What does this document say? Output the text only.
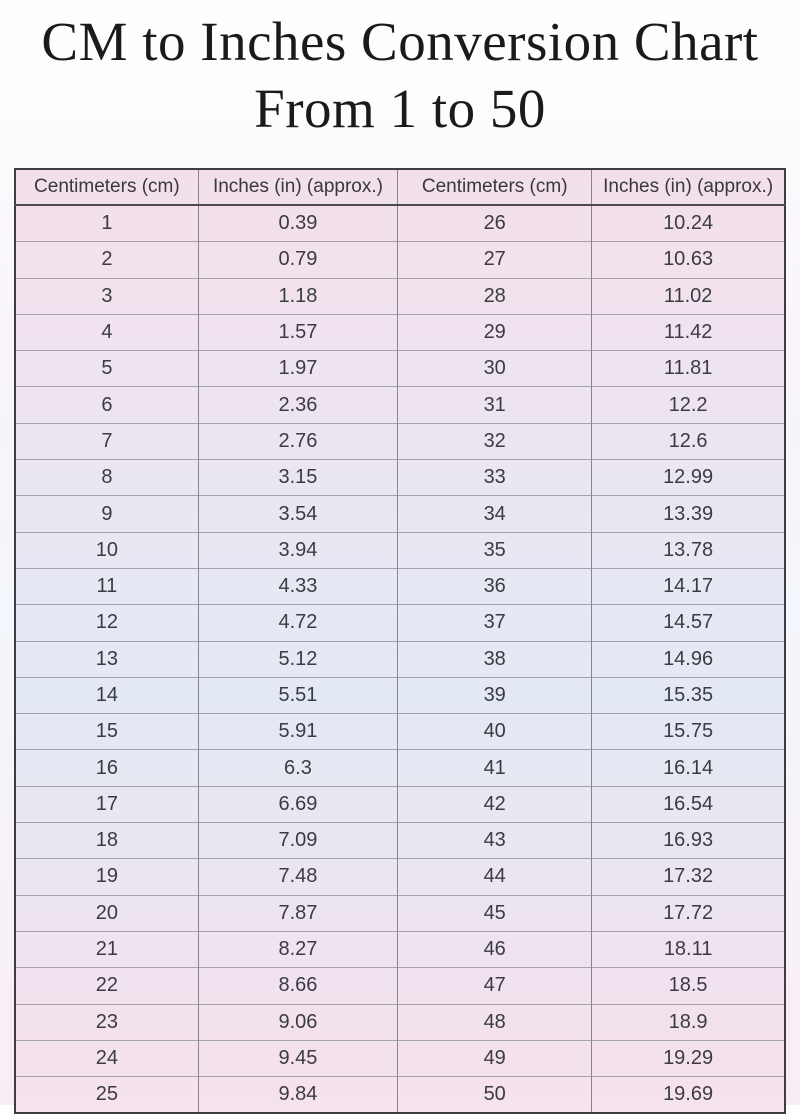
CM to Inches Conversion Chart
From 1 to 50
Centimeters (cm)	Inches (in) (approx.)	Centimeters (cm)	Inches (in) (approx.)
1	0.39	26	10.24
2	0.79	27	10.63
3	1.18	28	11.02
4	1.57	29	11.42
5	1.97	30	11.81
6	2.36	31	12.2
7	2.76	32	12.6
8	3.15	33	12.99
9	3.54	34	13.39
10	3.94	35	13.78
11	4.33	36	14.17
12	4.72	37	14.57
13	5.12	38	14.96
14	5.51	39	15.35
15	5.91	40	15.75
16	6.3	41	16.14
17	6.69	42	16.54
18	7.09	43	16.93
19	7.48	44	17.32
20	7.87	45	17.72
21	8.27	46	18.11
22	8.66	47	18.5
23	9.06	48	18.9
24	9.45	49	19.29
25	9.84	50	19.69
